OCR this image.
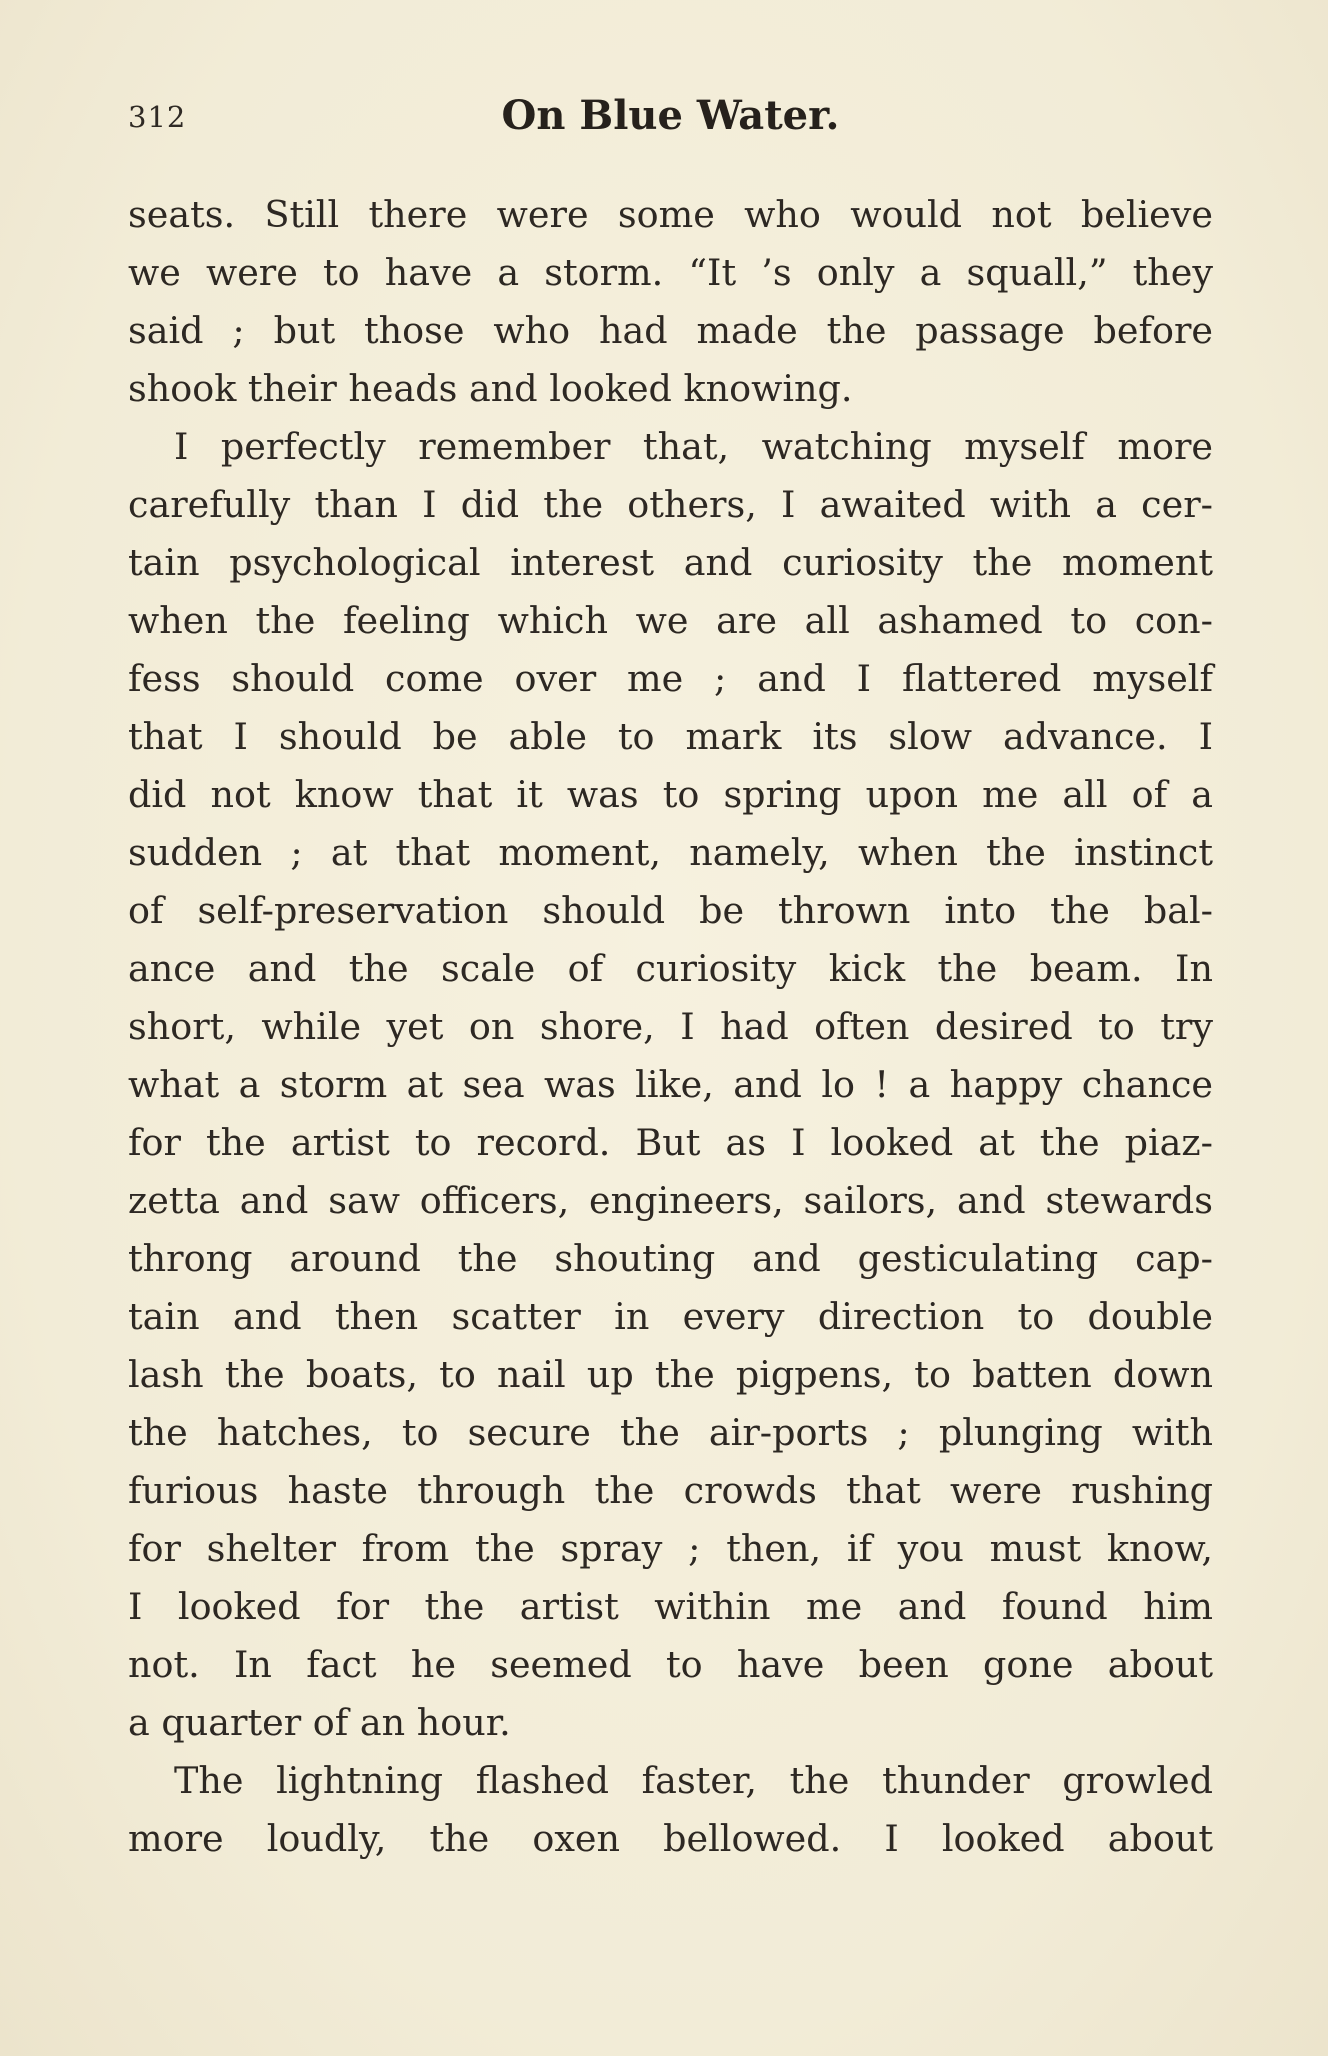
312	On Blue Water.
seats. Still there were some who would not believe
we were to have a storm. “It ’s only a squall,” they
said ; but those who had made the passage before
shook their heads and looked knowing.
I perfectly remember that, watching myself more
carefully than I did the others, I awaited with a cer-
tain psychological interest and curiosity the moment
when the feeling which we are all ashamed to con-
fess should come over me ; and I flattered myself
that I should be able to mark its slow advance. I
did not know that it was to spring upon me all of a
sudden ; at that moment, namely, when the instinct
of self-preservation should be thrown into the bal-
ance and the scale of curiosity kick the beam. In
short, while yet on shore, I had often desired to try
what a storm at sea was like, and lo ! a happy chance
for the artist to record. But as I looked at the piaz-
zetta and saw officers, engineers, sailors, and stewards
throng around the shouting and gesticulating cap-
tain and then scatter in every direction to double
lash the boats, to nail up the pigpens, to batten down
the hatches, to secure the air-ports ; plunging with
furious haste through the crowds that were rushing
for shelter from the spray ; then, if you must know,
I looked for the artist within me and found him
not. In fact he seemed to have been gone about
a quarter of an hour.
The lightning flashed faster, the thunder growled
more loudly, the oxen bellowed. I looked about
